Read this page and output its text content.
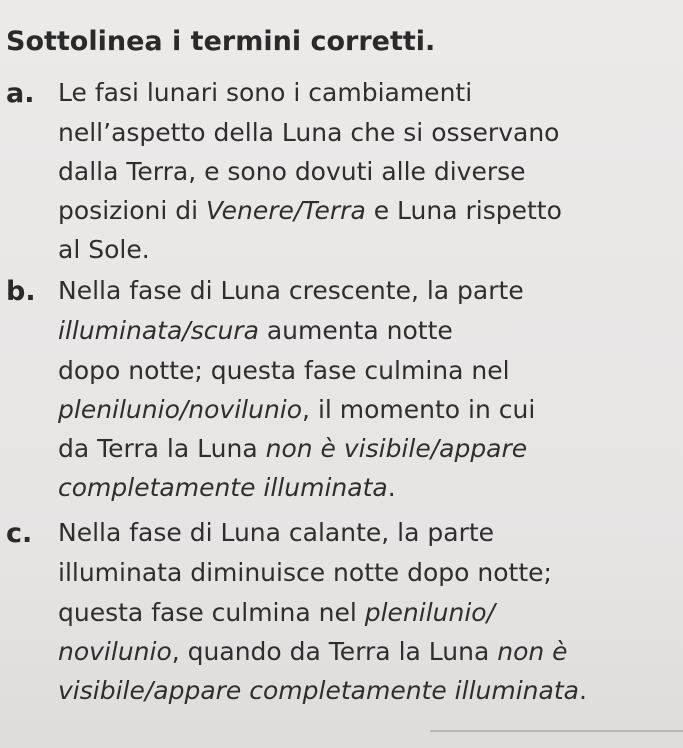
Sottolinea i termini corretti.
a. Le fasi lunari sono i cambiamenti
nell’aspetto della Luna che si osservano
dalla Terra, e sono dovuti alle diverse
posizioni di Venere/Terra e Luna rispetto
al Sole.
b. Nella fase di Luna crescente, la parte
illuminata/scura aumenta notte
dopo notte; questa fase culmina nel
plenilunio/novilunio, il momento in cui
da Terra la Luna non è visibile/appare
completamente illuminata.
c. Nella fase di Luna calante, la parte
illuminata diminuisce notte dopo notte;
questa fase culmina nel plenilunio/
novilunio, quando da Terra la Luna non è
visibile/appare completamente illuminata.
